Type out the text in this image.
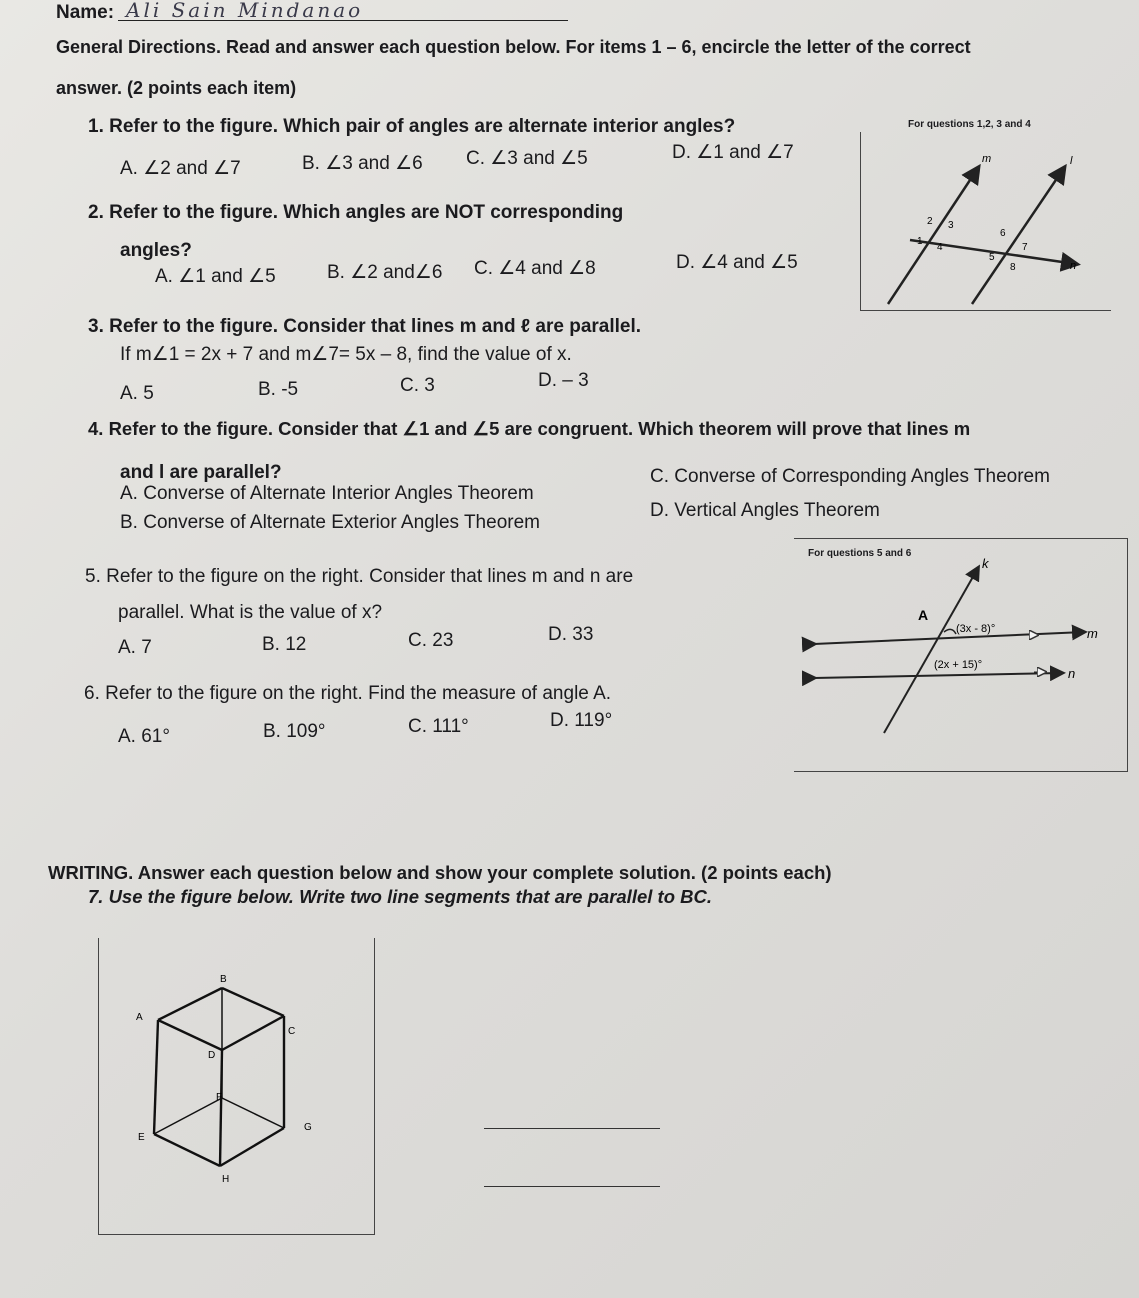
Name: Ali Sain Mindanao
General Directions. Read and answer each question below. For items 1 – 6, encircle the letter of the correct
answer. (2 points each item)
1. Refer to the figure. Which pair of angles are alternate interior angles?
A. ∠2 and ∠7	B. ∠3 and ∠6 C. ∠3 and ∠5	D. ∠1 and ∠7
2. Refer to the figure. Which angles are NOT corresponding
angles?
A. ∠1 and ∠5	B. ∠2 and∠6 C. ∠4 and ∠8	D. ∠4 and ∠5
3. Refer to the figure. Consider that lines m and ℓ are parallel.
If m∠1 = 2x + 7 and m∠7= 5x – 8, find the value of x.
A. 5	B. -5	C. 3	D. – 3
4. Refer to the figure. Consider that ∠1 and ∠5 are congruent. Which theorem will prove that lines m
and l are parallel?
A. Converse of Alternate Interior Angles Theorem
C. Converse of Corresponding Angles Theorem
B. Converse of Alternate Exterior Angles Theorem
D. Vertical Angles Theorem
5. Refer to the figure on the right. Consider that lines m and n are
parallel. What is the value of x?
A. 7	B. 12	C. 23	D. 33
6. Refer to the figure on the right. Find the measure of angle A.
A. 61°	B. 109°	C. 111°	D. 119°
WRITING. Answer each question below and show your complete solution. (2 points each)
7. Use the figure below. Write two line segments that are parallel to BC.
For questions 1,2, 3 and 4
m	l
n
1
2 3
4
5
6
7
8
For questions 5 and 6
k
A
(3x - 8)°	m
(2x + 15)°
n
A
B
C
D
E
F
G
H
